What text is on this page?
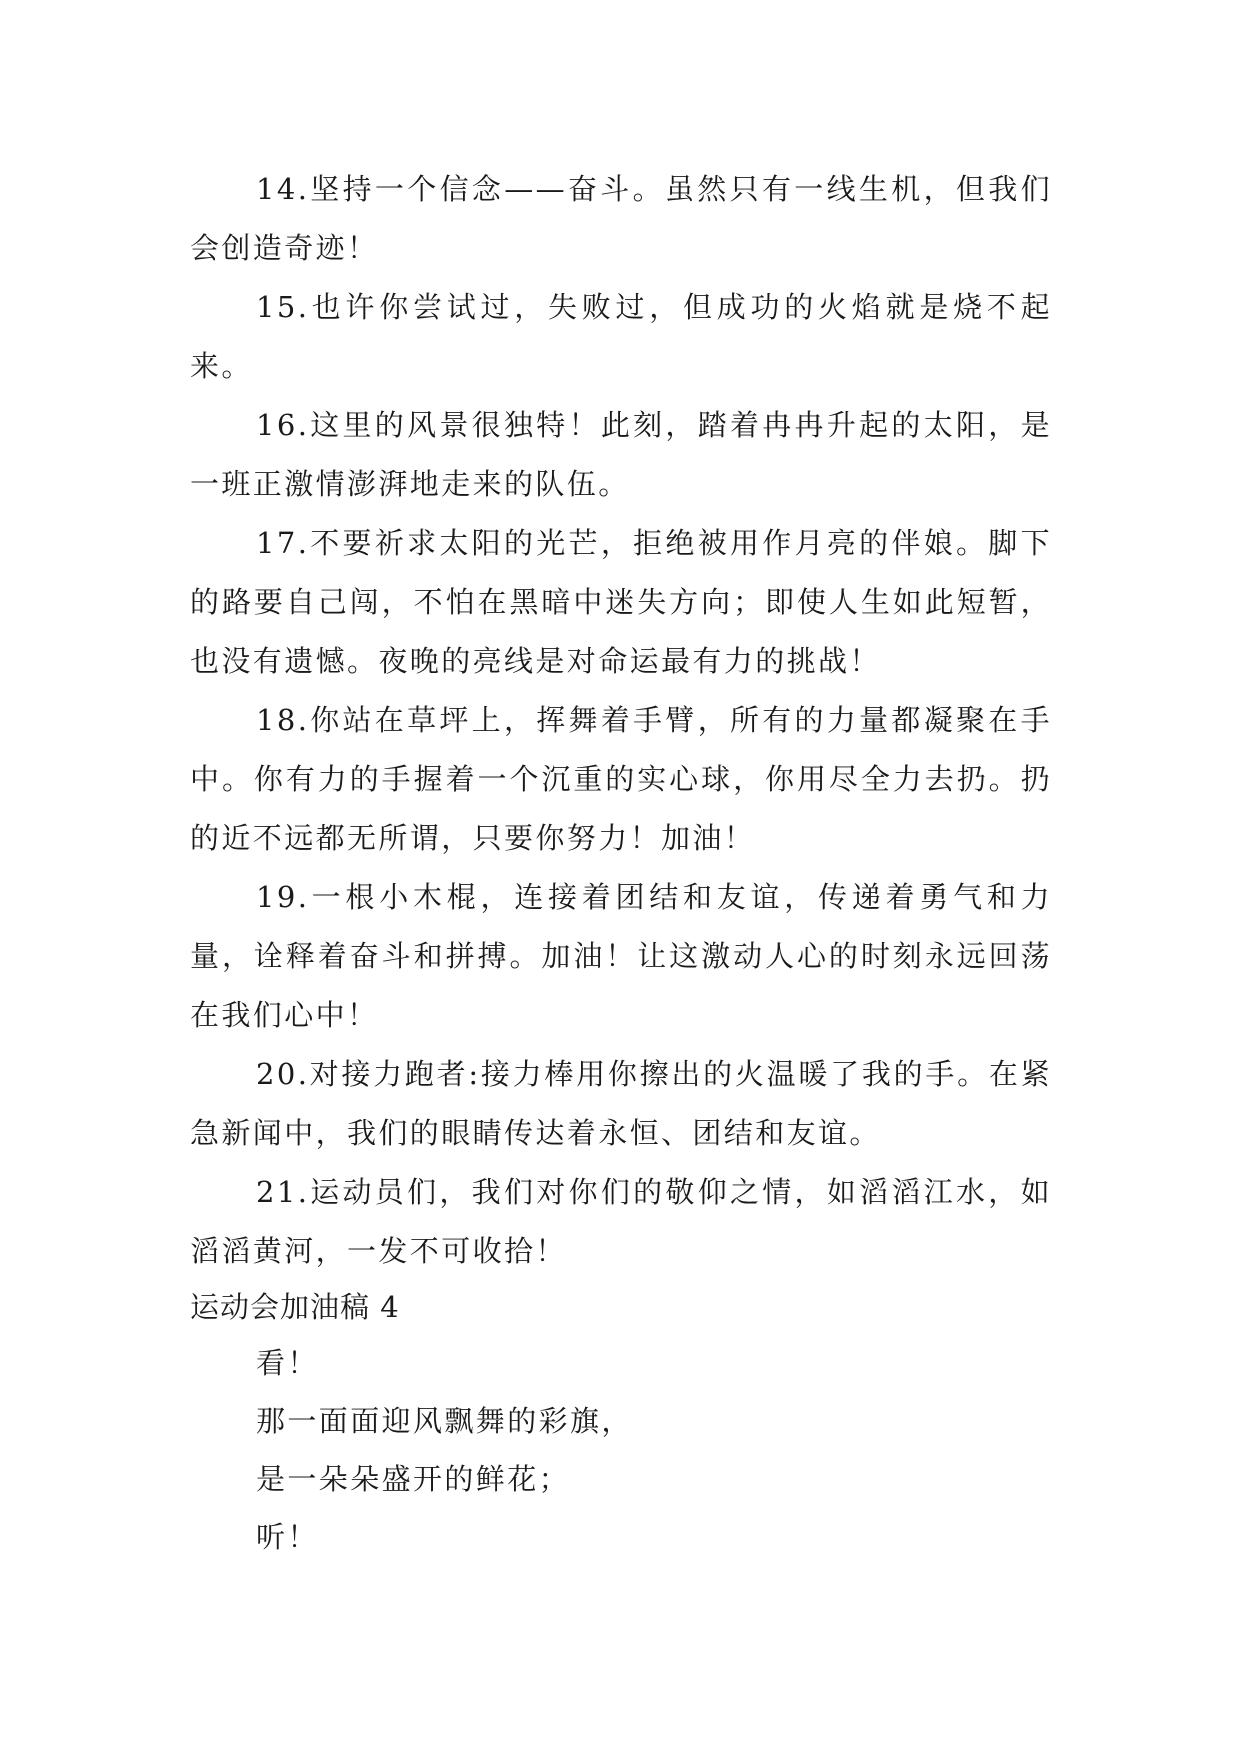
14.坚持一个信念——奋斗。虽然只有一线生机，但我们会创造奇迹！

15.也许你尝试过，失败过，但成功的火焰就是烧不起来。

16.这里的风景很独特！此刻，踏着冉冉升起的太阳，是一班正激情澎湃地走来的队伍。

17.不要祈求太阳的光芒，拒绝被用作月亮的伴娘。脚下的路要自己闯，不怕在黑暗中迷失方向；即使人生如此短暂，也没有遗憾。夜晚的亮线是对命运最有力的挑战！

18.你站在草坪上，挥舞着手臂，所有的力量都凝聚在手中。你有力的手握着一个沉重的实心球，你用尽全力去扔。扔的近不远都无所谓，只要你努力！加油！

19.一根小木棍，连接着团结和友谊，传递着勇气和力量，诠释着奋斗和拼搏。加油！让这激动人心的时刻永远回荡在我们心中！

20.对接力跑者:接力棒用你擦出的火温暖了我的手。在紧急新闻中，我们的眼睛传达着永恒、团结和友谊。

21.运动员们，我们对你们的敬仰之情，如滔滔江水，如滔滔黄河，一发不可收拾！

运动会加油稿 4

看！

那一面面迎风飘舞的彩旗，

是一朵朵盛开的鲜花；

听！
